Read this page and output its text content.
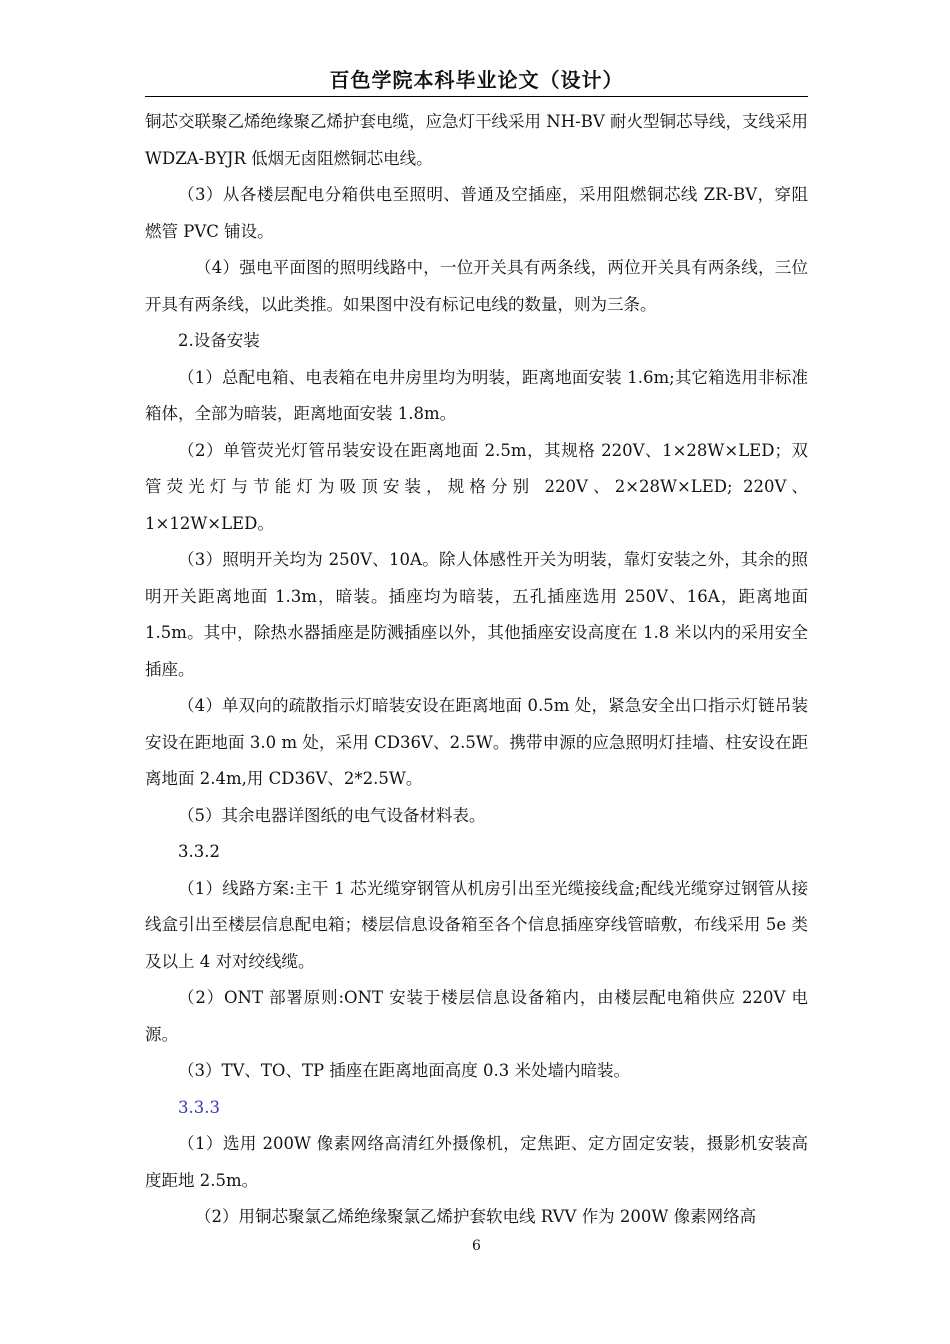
百色学院本科毕业论文（设计）

铜芯交联聚乙烯绝缘聚乙烯护套电缆，应急灯干线采用 NH-BV 耐火型铜芯导线，支线采用 WDZA-BYJR 低烟无卤阻燃铜芯电线。

（3）从各楼层配电分箱供电至照明、普通及空插座，采用阻燃铜芯线 ZR-BV，穿阻燃管 PVC 铺设。

（4）强电平面图的照明线路中，一位开关具有两条线，两位开关具有两条线，三位开具有两条线，以此类推。如果图中没有标记电线的数量，则为三条。

2.设备安装

（1）总配电箱、电表箱在电井房里均为明装，距离地面安装 1.6m;其它箱选用非标准箱体，全部为暗装，距离地面安装 1.8m。

（2）单管荧光灯管吊装安设在距离地面 2.5m，其规格 220V、1×28W×LED；双管荧光灯与节能灯为吸顶安装，规格分别 220V、2×28W×LED; 220V、1×12W×LED。

（3）照明开关均为 250V、10A。除人体感性开关为明装，靠灯安装之外，其余的照明开关距离地面 1.3m，暗装。插座均为暗装，五孔插座选用 250V、16A，距离地面 1.5m。其中，除热水器插座是防溅插座以外，其他插座安设高度在 1.8 米以内的采用安全插座。

（4）单双向的疏散指示灯暗装安设在距离地面 0.5m 处，紧急安全出口指示灯链吊装安设在距地面 3.0 m 处，采用 CD36V、2.5W。携带申源的应急照明灯挂墙、柱安设在距离地面 2.4m,用 CD36V、2*2.5W。

（5）其余电器详图纸的电气设备材料表。

3.3.2

（1）线路方案:主干 1 芯光缆穿钢管从机房引出至光缆接线盒;配线光缆穿过钢管从接线盒引出至楼层信息配电箱；楼层信息设备箱至各个信息插座穿线管暗敷，布线采用 5e 类及以上 4 对对绞线缆。

（2）ONT 部署原则:ONT 安装于楼层信息设备箱内，由楼层配电箱供应 220V 电源。

（3）TV、TO、TP 插座在距离地面高度 0.3 米处墙内暗装。

3.3.3

（1）选用 200W 像素网络高清红外摄像机，定焦距、定方固定安装，摄影机安装高度距地 2.5m。

（2）用铜芯聚氯乙烯绝缘聚氯乙烯护套软电线 RVV 作为 200W 像素网络高

6
